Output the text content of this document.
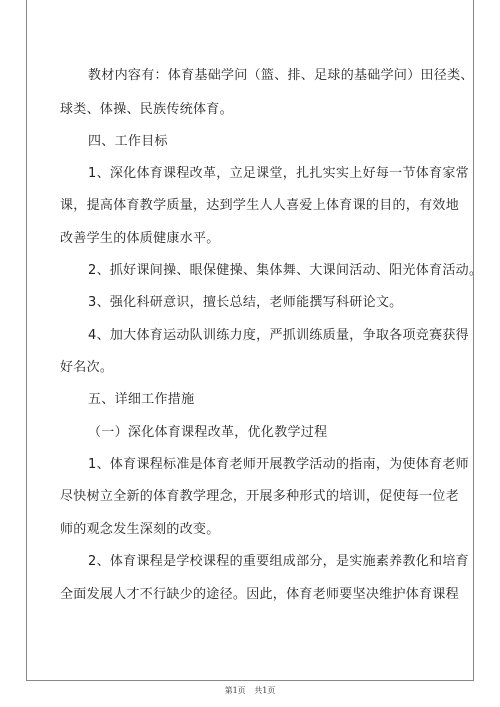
教材内容有：体育基础学问（篮、排、足球的基础学问）田径类、
球类、体操、民族传统体育。
四、工作目标
1、深化体育课程改革，立足课堂，扎扎实实上好每一节体育家常
课，提高体育教学质量，达到学生人人喜爱上体育课的目的，有效地
改善学生的体质健康水平。
2、抓好课间操、眼保健操、集体舞、大课间活动、阳光体育活动。
3、强化科研意识，擅长总结，老师能撰写科研论文。
4、加大体育运动队训练力度，严抓训练质量，争取各项竞赛获得
好名次。
五、详细工作措施
（一）深化体育课程改革，优化教学过程
1、体育课程标准是体育老师开展教学活动的指南，为使体育老师
尽快树立全新的体育教学理念，开展多种形式的培训，促使每一位老
师的观念发生深刻的改变。
2、体育课程是学校课程的重要组成部分，是实施素养教化和培育
全面发展人才不行缺少的途径。因此，体育老师要坚决维护体育课程
第1页 共1页
